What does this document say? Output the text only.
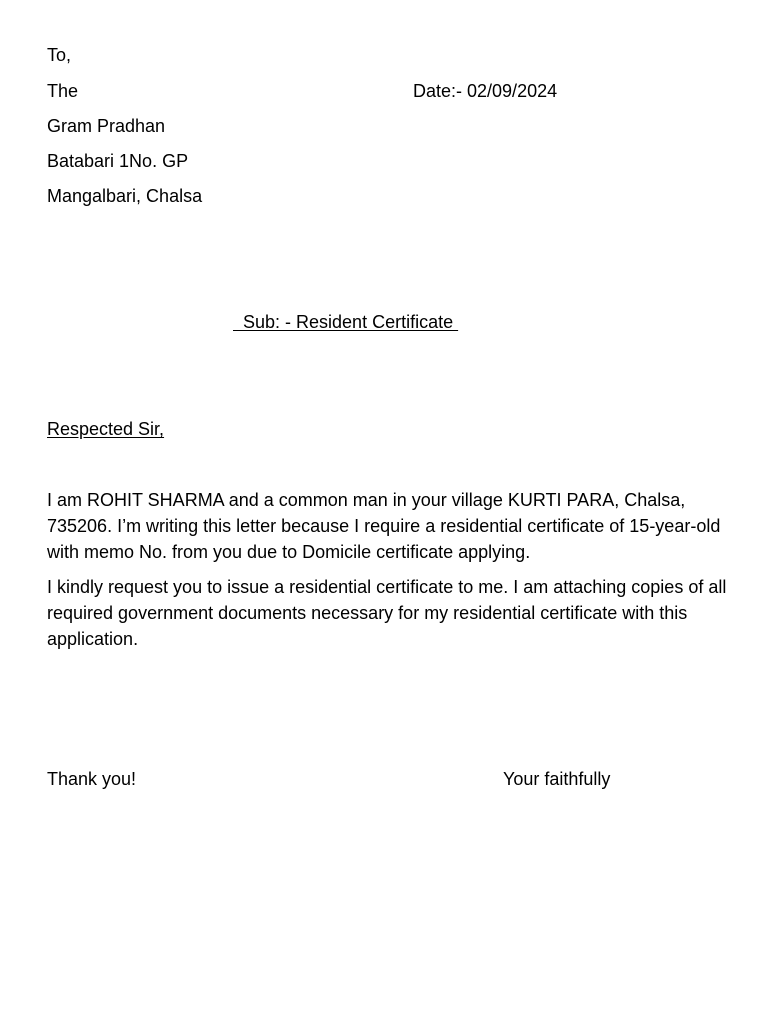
To,
The	Date:- 02/09/2024
Gram Pradhan
Batabari 1No. GP
Mangalbari, Chalsa
Sub: - Resident Certificate
Respected Sir,
I am ROHIT SHARMA and a common man in your village KURTI PARA, Chalsa, 735206. I’m writing this letter because I require a residential certificate of 15-year-old with memo No. from you due to Domicile certificate applying.
I kindly request you to issue a residential certificate to me. I am attaching copies of all required government documents necessary for my residential certificate with this application.
Thank you!	Your faithfully
